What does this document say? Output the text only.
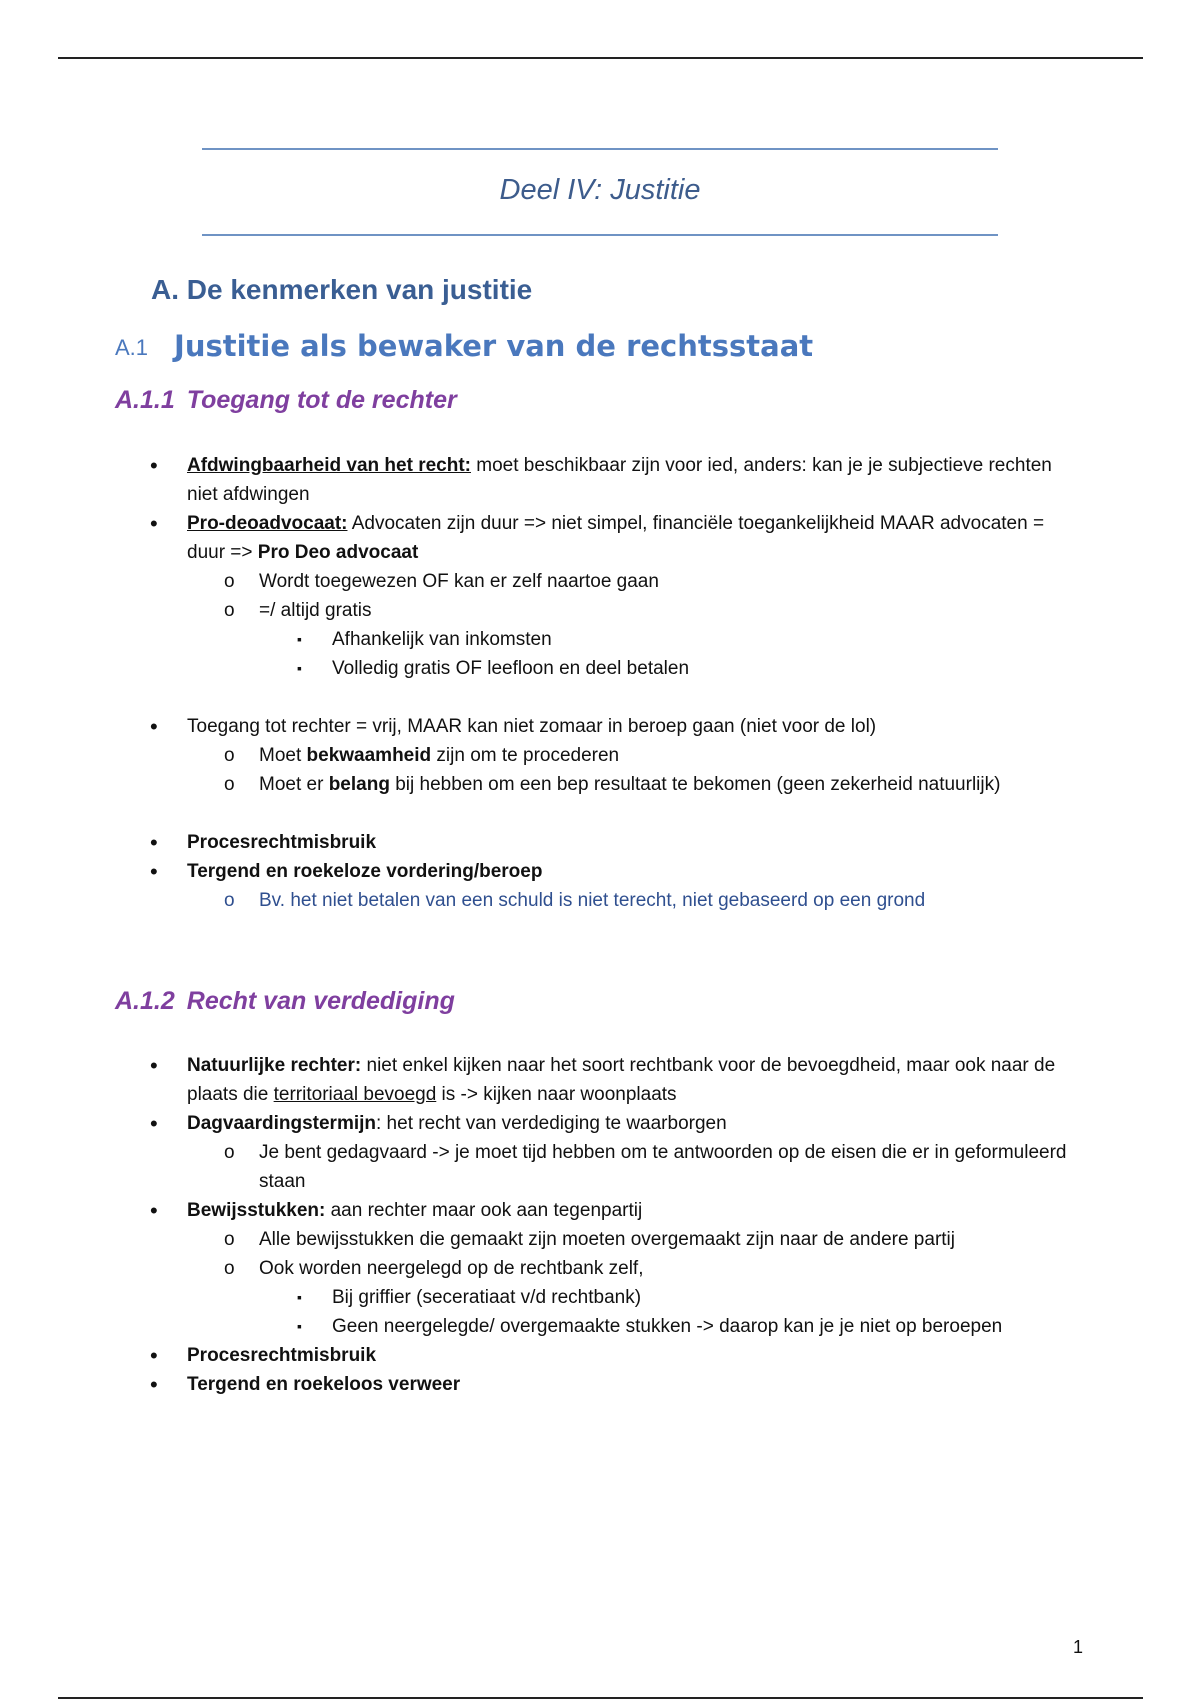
Deel IV: Justitie
A. De kenmerken van justitie
A.1 Justitie als bewaker van de rechtsstaat
A.1.1 Toegang tot de rechter
• Afdwingbaarheid van het recht: moet beschikbaar zijn voor ied, anders: kan je je subjectieve rechten niet afdwingen
• Pro-deoadvocaat: Advocaten zijn duur => niet simpel, financiële toegankelijkheid MAAR advocaten = duur => Pro Deo advocaat
o Wordt toegewezen OF kan er zelf naartoe gaan
o =/ altijd gratis
▪ Afhankelijk van inkomsten
▪ Volledig gratis OF leefloon en deel betalen
• Toegang tot rechter = vrij, MAAR kan niet zomaar in beroep gaan (niet voor de lol)
o Moet bekwaamheid zijn om te procederen
o Moet er belang bij hebben om een bep resultaat te bekomen (geen zekerheid natuurlijk)
• Procesrechtmisbruik
• Tergend en roekeloze vordering/beroep
o Bv. het niet betalen van een schuld is niet terecht, niet gebaseerd op een grond
A.1.2 Recht van verdediging
• Natuurlijke rechter: niet enkel kijken naar het soort rechtbank voor de bevoegdheid, maar ook naar de plaats die territoriaal bevoegd is -> kijken naar woonplaats
• Dagvaardingstermijn: het recht van verdediging te waarborgen
o Je bent gedagvaard -> je moet tijd hebben om te antwoorden op de eisen die er in geformuleerd staan
• Bewijsstukken: aan rechter maar ook aan tegenpartij
o Alle bewijsstukken die gemaakt zijn moeten overgemaakt zijn naar de andere partij
o Ook worden neergelegd op de rechtbank zelf,
▪ Bij griffier (seceratiaat v/d rechtbank)
▪ Geen neergelegde/ overgemaakte stukken -> daarop kan je je niet op beroepen
• Procesrechtmisbruik
• Tergend en roekeloos verweer
1
